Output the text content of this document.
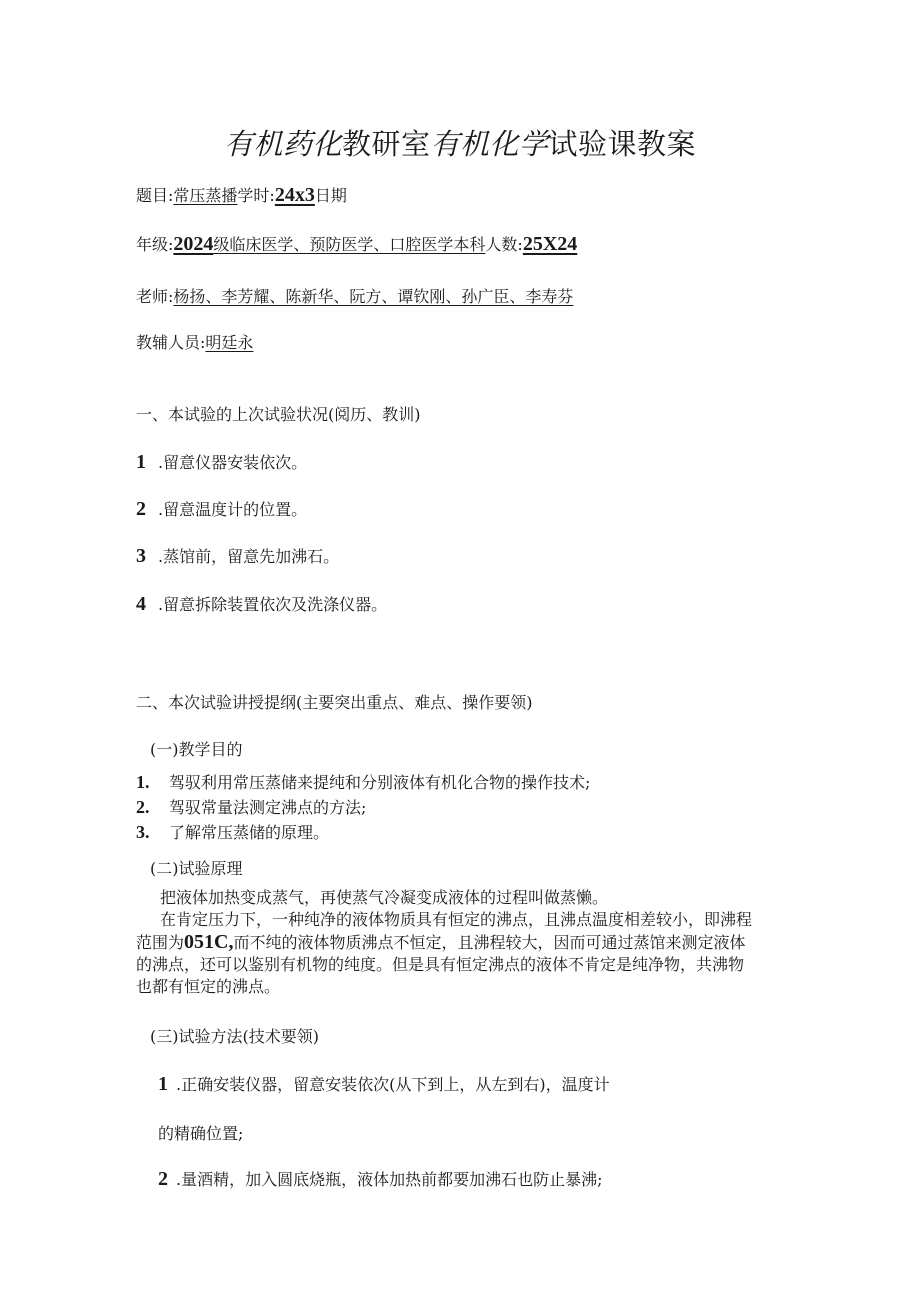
有机药化教研室有机化学试验课教案
题目:常压蒸播学时:24x3日期
年级:2024级临床医学、预防医学、口腔医学本科人数:25X24
老师:杨扬、李芳耀、陈新华、阮方、谭钦刚、孙广臣、李寿芬
教辅人员:明廷永
一、本试验的上次试验状况(阅历、教训)
1 .留意仪器安装依次。
2 .留意温度计的位置。
3 .蒸馆前，留意先加沸石。
4 .留意拆除装置依次及洗涤仪器。
二、本次试验讲授提纲(主要突出重点、难点、操作要领)
(一)教学目的
1. 驾驭利用常压蒸储来提纯和分别液体有机化合物的操作技术;
2. 驾驭常量法测定沸点的方法;
3. 了解常压蒸储的原理。
(二)试验原理

把液体加热变成蒸气，再使蒸气冷凝变成液体的过程叫做蒸懒。

在肯定压力下，一种纯净的液体物质具有恒定的沸点，且沸点温度相差较小，即沸程

范围为051C,而不纯的液体物质沸点不恒定，且沸程较大，因而可通过蒸馆来测定液体

的沸点，还可以鉴别有机物的纯度。但是具有恒定沸点的液体不肯定是纯净物，共沸物

也都有恒定的沸点。

(三)试验方法(技术要领)
1 .正确安装仪器，留意安装依次(从下到上，从左到右)，温度计
的精确位置;
2 .量酒精，加入圆底烧瓶，液体加热前都要加沸石也防止暴沸;
